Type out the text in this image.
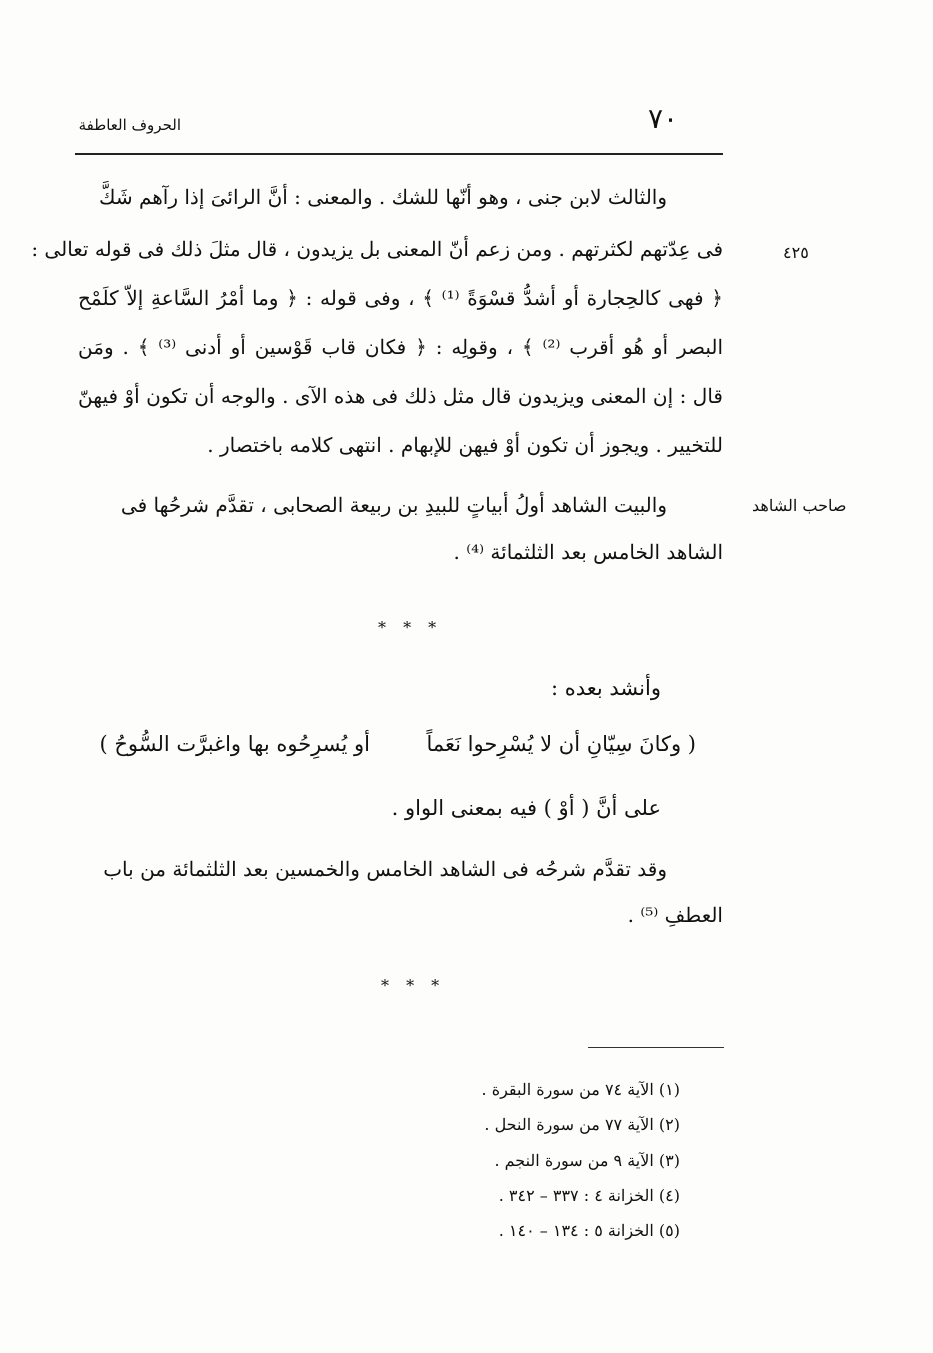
الحروف العاطفة	٧٠
والثالث لابن جنى ، وهو أنّها للشك . والمعنى : أنَّ الرائىَ إذا رآهم شَكَّ
فى عِدّتهم لكثرتهم . ومن زعم أنّ المعنى بل يزيدون ، قال مثلَ ذلك فى قوله تعالى :
﴿ فهى كالحِجارة أو أشدُّ قسْوَةً ⁽¹⁾ ﴾ ، وفى قوله : ﴿ وما أمْرُ السَّاعةِ إلاّ كلَمْح
البصر أو هُو أقرب ⁽²⁾ ﴾ ، وقولِه : ﴿ فكان قاب قَوْسين أو أدنى ⁽³⁾ ﴾ . ومَن
قال : إن المعنى ويزيدون قال مثل ذلك فى هذه الآى . والوجه أن تكون أوْ فيهنّ
للتخيير . ويجوز أن تكون أوْ فيهن للإبهام . انتهى كلامه باختصار .
٤٢٥
والبيت الشاهد أولُ أبياتٍ للبيدِ بن ربيعة الصحابى ، تقدَّم شرحُها فى
الشاهد الخامس بعد الثلثمائة ⁽⁴⁾ .
صاحب الشاهد
* * *
وأنشد بعده :
( وكانَ سِيّانِ أن لا يُسْرِحوا نَعَماً
أو يُسرِحُوه بها واغبرَّت السُّوحُ )
على أنَّ ( أوْ ) فيه بمعنى الواو .
وقد تقدَّم شرحُه فى الشاهد الخامس والخمسين بعد الثلثمائة من باب
العطفِ ⁽⁵⁾ .
* * *
(١) الآية ٧٤ من سورة البقرة .
(٢) الآية ٧٧ من سورة النحل .
(٣) الآية ٩ من سورة النجم .
(٤) الخزانة ٤ : ٣٣٧ – ٣٤٢ .
(٥) الخزانة ٥ : ١٣٤ – ١٤٠ .
